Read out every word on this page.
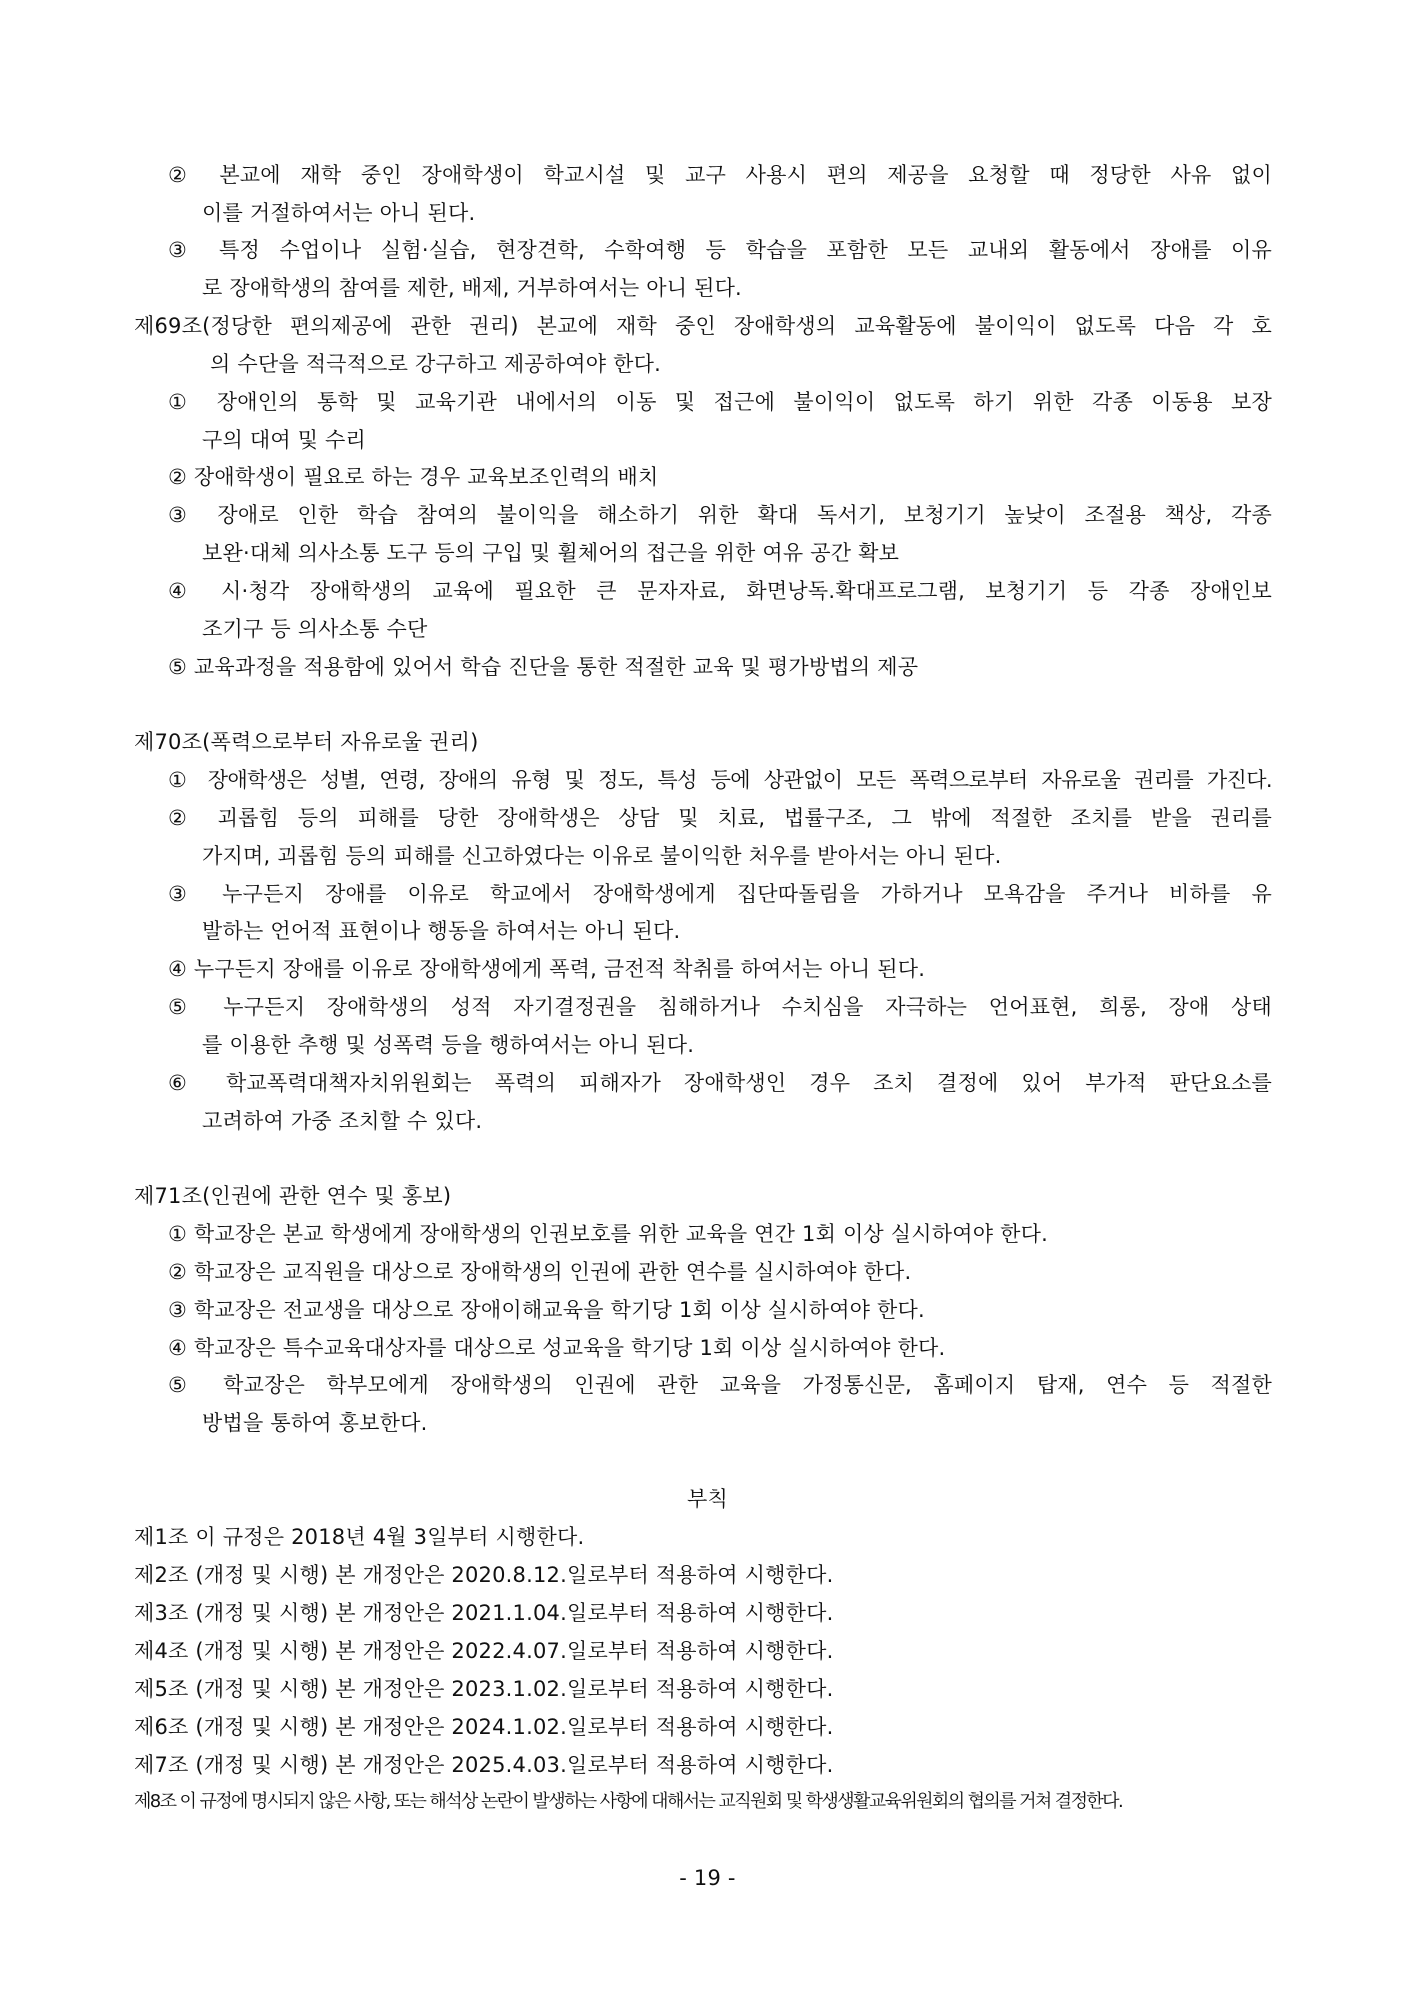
② 본교에 재학 중인 장애학생이 학교시설 및 교구 사용시 편의 제공을 요청할 때 정당한 사유 없이
이를 거절하여서는 아니 된다.
③ 특정 수업이나 실험·실습, 현장견학, 수학여행 등 학습을 포함한 모든 교내외 활동에서 장애를 이유
로 장애학생의 참여를 제한, 배제, 거부하여서는 아니 된다.
제69조(정당한 편의제공에 관한 권리) 본교에 재학 중인 장애학생의 교육활동에 불이익이 없도록 다음 각 호
의 수단을 적극적으로 강구하고 제공하여야 한다.
① 장애인의 통학 및 교육기관 내에서의 이동 및 접근에 불이익이 없도록 하기 위한 각종 이동용 보장
구의 대여 및 수리
② 장애학생이 필요로 하는 경우 교육보조인력의 배치
③ 장애로 인한 학습 참여의 불이익을 해소하기 위한 확대 독서기, 보청기기 높낮이 조절용 책상, 각종
보완·대체 의사소통 도구 등의 구입 및 휠체어의 접근을 위한 여유 공간 확보
④ 시·청각 장애학생의 교육에 필요한 큰 문자자료, 화면낭독.확대프로그램, 보청기기 등 각종 장애인보
조기구 등 의사소통 수단
⑤ 교육과정을 적용함에 있어서 학습 진단을 통한 적절한 교육 및 평가방법의 제공
제70조(폭력으로부터 자유로울 권리)
① 장애학생은 성별, 연령, 장애의 유형 및 정도, 특성 등에 상관없이 모든 폭력으로부터 자유로울 권리를 가진다.
② 괴롭힘 등의 피해를 당한 장애학생은 상담 및 치료, 법률구조, 그 밖에 적절한 조치를 받을 권리를
가지며, 괴롭힘 등의 피해를 신고하였다는 이유로 불이익한 처우를 받아서는 아니 된다.
③ 누구든지 장애를 이유로 학교에서 장애학생에게 집단따돌림을 가하거나 모욕감을 주거나 비하를 유
발하는 언어적 표현이나 행동을 하여서는 아니 된다.
④ 누구든지 장애를 이유로 장애학생에게 폭력, 금전적 착취를 하여서는 아니 된다.
⑤ 누구든지 장애학생의 성적 자기결정권을 침해하거나 수치심을 자극하는 언어표현, 희롱, 장애 상태
를 이용한 추행 및 성폭력 등을 행하여서는 아니 된다.
⑥ 학교폭력대책자치위원회는 폭력의 피해자가 장애학생인 경우 조치 결정에 있어 부가적 판단요소를
고려하여 가중 조치할 수 있다.
제71조(인권에 관한 연수 및 홍보)
① 학교장은 본교 학생에게 장애학생의 인권보호를 위한 교육을 연간 1회 이상 실시하여야 한다.
② 학교장은 교직원을 대상으로 장애학생의 인권에 관한 연수를 실시하여야 한다.
③ 학교장은 전교생을 대상으로 장애이해교육을 학기당 1회 이상 실시하여야 한다.
④ 학교장은 특수교육대상자를 대상으로 성교육을 학기당 1회 이상 실시하여야 한다.
⑤ 학교장은 학부모에게 장애학생의 인권에 관한 교육을 가정통신문, 홈페이지 탑재, 연수 등 적절한
방법을 통하여 홍보한다.
부칙
제1조 이 규정은 2018년 4월 3일부터 시행한다.
제2조 (개정 및 시행) 본 개정안은 2020.8.12.일로부터 적용하여 시행한다.
제3조 (개정 및 시행) 본 개정안은 2021.1.04.일로부터 적용하여 시행한다.
제4조 (개정 및 시행) 본 개정안은 2022.4.07.일로부터 적용하여 시행한다.
제5조 (개정 및 시행) 본 개정안은 2023.1.02.일로부터 적용하여 시행한다.
제6조 (개정 및 시행) 본 개정안은 2024.1.02.일로부터 적용하여 시행한다.
제7조 (개정 및 시행) 본 개정안은 2025.4.03.일로부터 적용하여 시행한다.
제8조 이 규정에 명시되지 않은 사항, 또는 해석상 논란이 발생하는 사항에 대해서는 교직원회 및 학생생활교육위원회의 협의를 거쳐 결정한다.
- 19 -
